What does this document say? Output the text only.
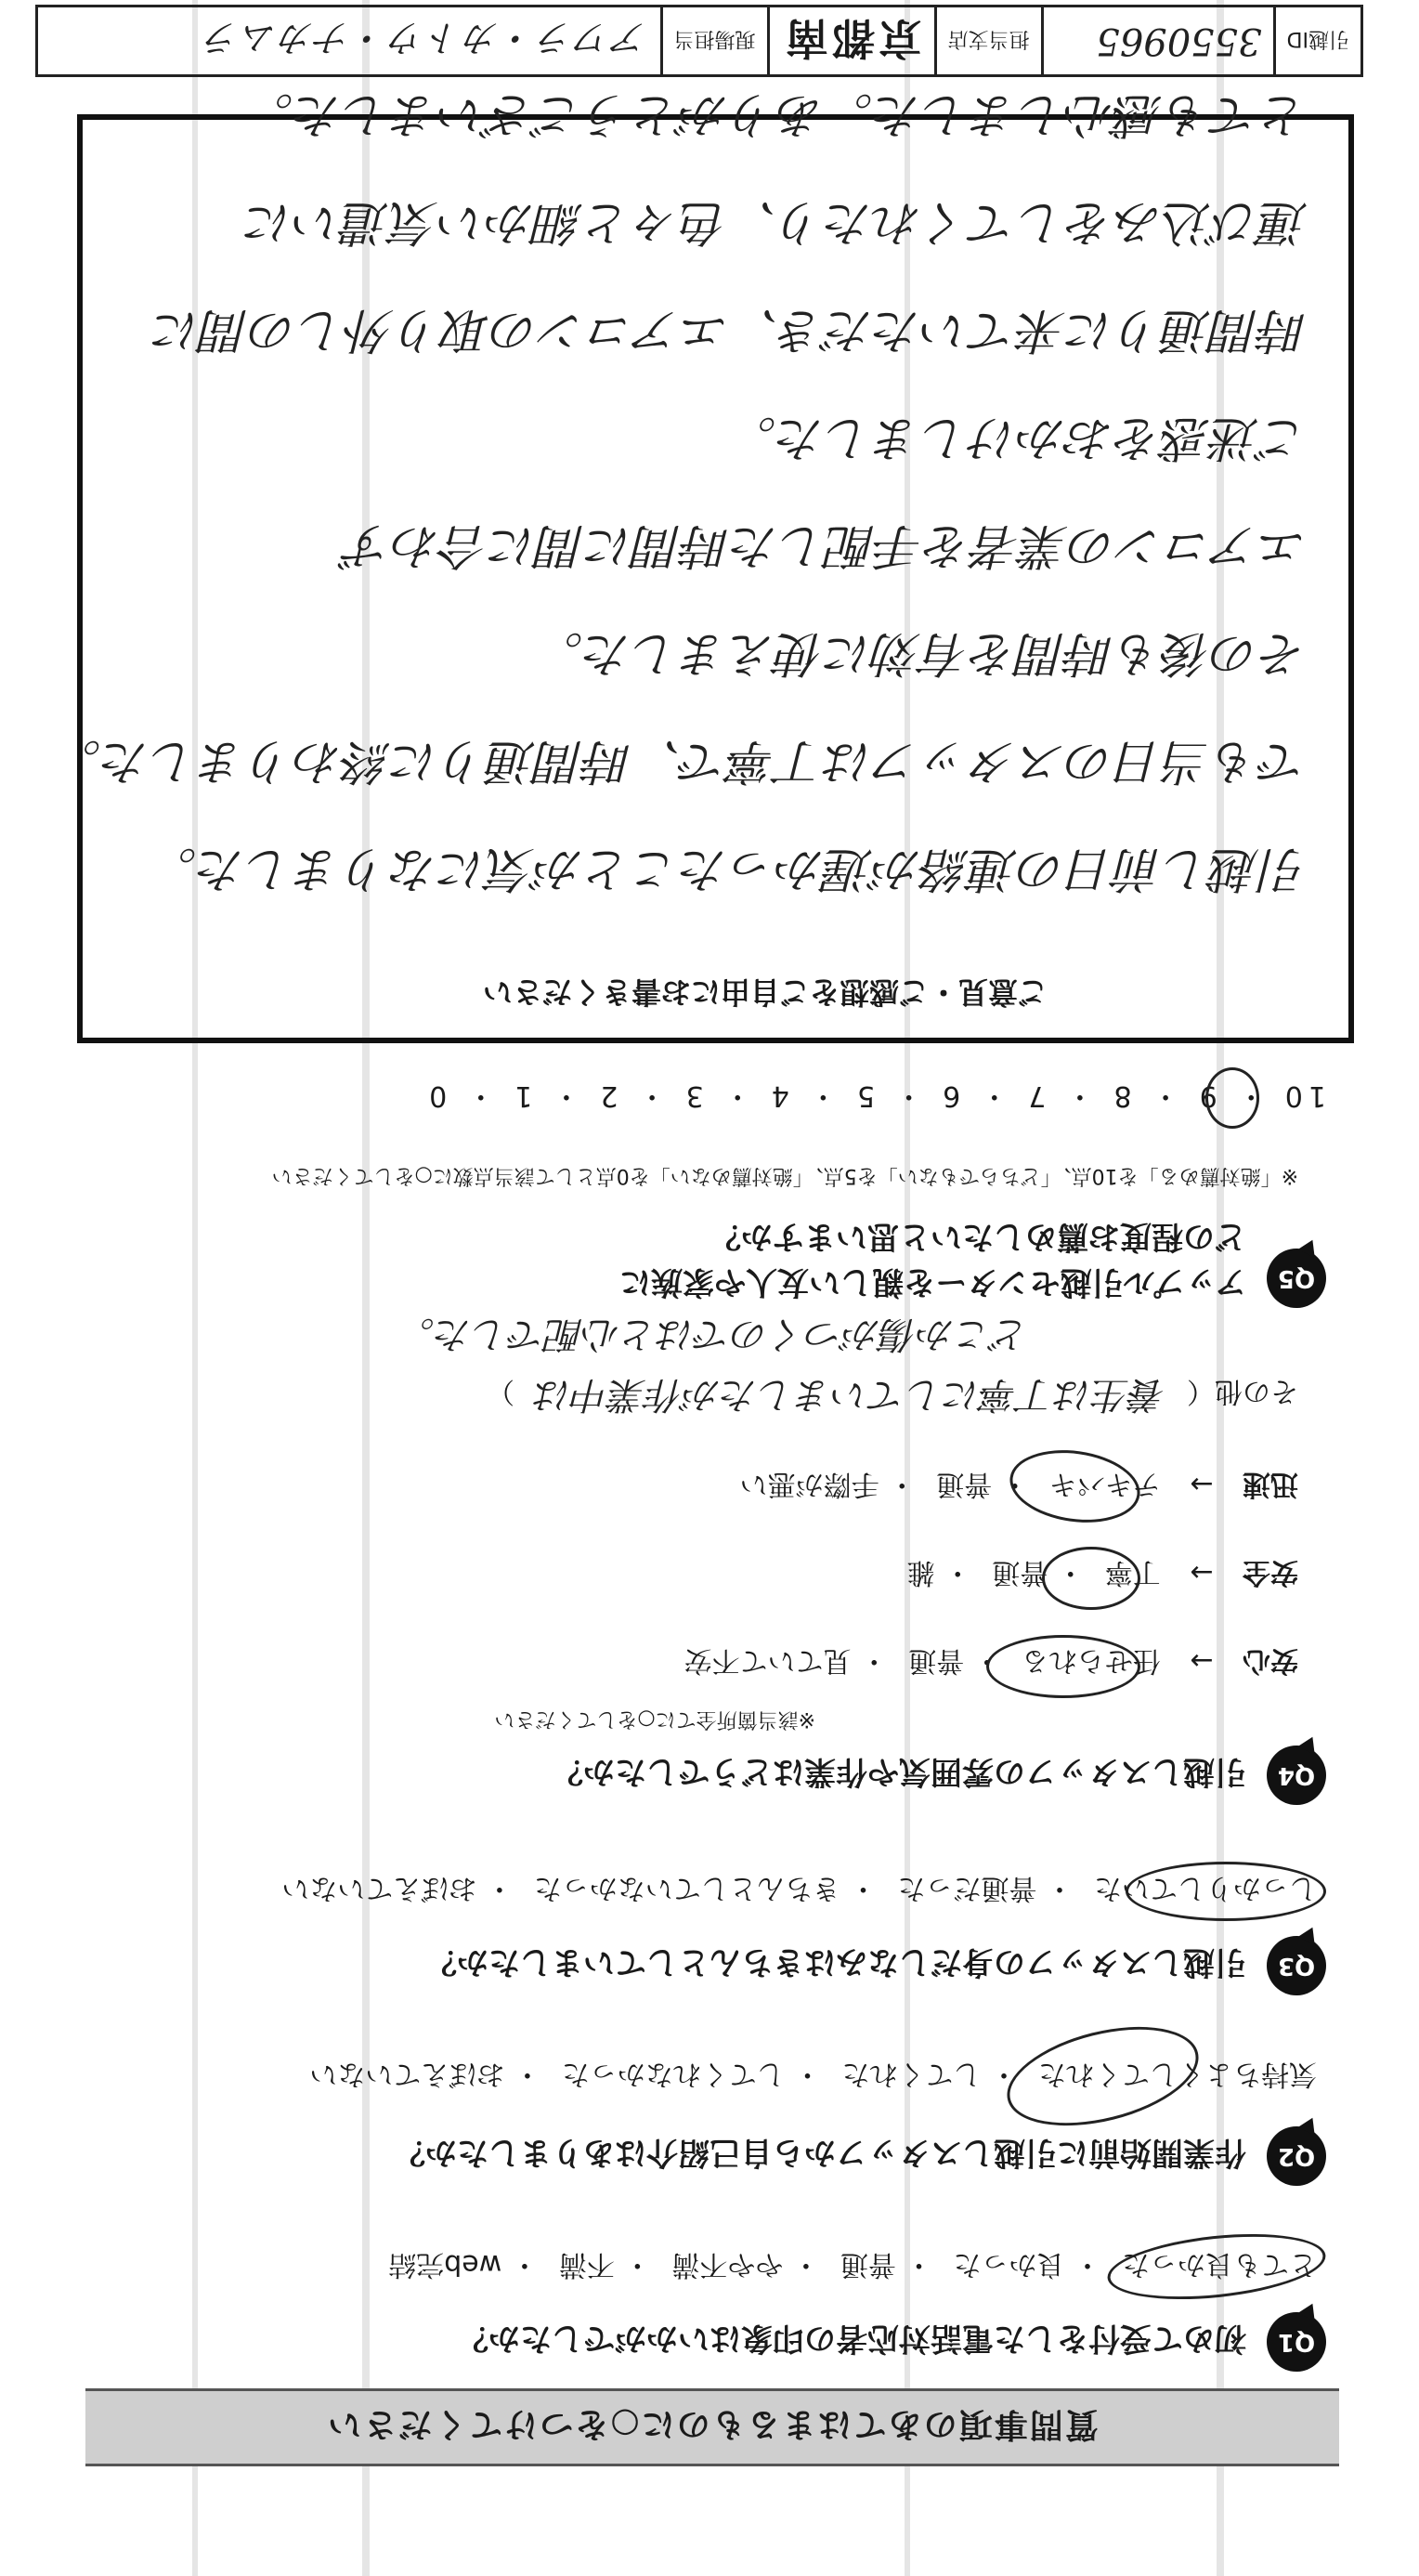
質問事項のあてはまるものに○をつけてください
Q1
初めて受付をした電話対応者の印象はいかがでしたか？
とても良かった・ 良かった・ 普通・ やや不満・ 不満・ web完結
Q2
作業開始前に引越しスタッフから自己紹介はありましたか？
気持ちよくしてくれた・ してくれた・ してくれなかった・ おぼえていない
Q3
引越しスタッフの身だしなみはきちんとしていましたか？
しっかりしていた・ 普通だった・ きちんとしていなかった・ おぼえていない
Q4
引越しスタッフの雰囲気や作業はどうでしたか？
※該当箇所全てに○をしてください
安心 → 任せられる・ 普通・ 見ていて不安
安全 → 丁寧・ 普通・ 雑
迅速 → テキパキ・ 普通・ 手際が悪い
その他（養生は丁寧にしていましたが作業中は）
どこか傷がつくのではと心配でした。
Q5
アップル引越センターを親しい友人や家族に
どの程度お薦めしたいと思いますか？
※「絶対薦める」を10点、「どちらでもない」を5点、「絶対薦めない」を0点として該当点数に○をしてください
10 ・ 9 ・ 8 ・ 7 ・ 6 ・ 5 ・ 4 ・ 3 ・ 2 ・ 1 ・ 0
ご意見・ご感想をご自由にお書きください
引越し前日の連絡が遅かったことが気になりました。
でも当日のスタッフは丁寧で、時間通りに終わりました。
その後も時間を有効に使えました。
エアコンの業者を手配した時間に間に合わず
ご迷惑をおかけしました。
時間通りに来ていただき、エアコンの取り外しの間に
運び込みをしてくれたり、色々と細かい気遣いに
とても感心しました。ありがとうございました。
引越ID
3550965
担当支店
京都南
現場担当
アワラ・カトウ・ナカムラ
